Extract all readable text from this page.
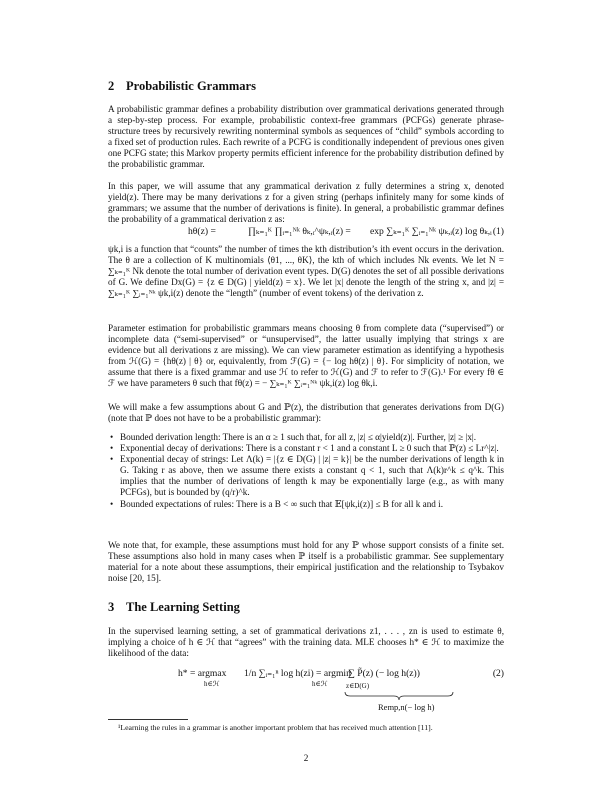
2 Probabilistic Grammars

A probabilistic grammar defines a probability distribution over grammatical derivations generated through a step-by-step process. For example, probabilistic context-free grammars (PCFGs) generate phrase-structure trees by recursively rewriting nonterminal symbols as sequences of “child” symbols according to a fixed set of production rules. Each rewrite of a PCFG is conditionally independent of previous ones given one PCFG state; this Markov property permits efficient inference for the probability distribution defined by the probabilistic grammar.

In this paper, we will assume that any grammatical derivation z fully determines a string x, denoted yield(z). There may be many derivations z for a given string (perhaps infinitely many for some kinds of grammars; we assume that the number of derivations is finite). In general, a probabilistic grammar defines the probability of a grammatical derivation z as:

hθ(z) =	∏ₖ₌₁ᴷ ∏ᵢ₌₁ᴺᵏ θₖ,ᵢ^ψₖ,ᵢ(z) = exp ∑ₖ₌₁ᴷ ∑ᵢ₌₁ᴺᵏ ψₖ,ᵢ(z) log θₖ,ᵢ (1)

ψk,i is a function that “counts” the number of times the kth distribution’s ith event occurs in the derivation. The θ are a collection of K multinomials ⟨θ1, ..., θK⟩, the kth of which includes Nk events. We let N = ∑ₖ₌₁ᴷ Nk denote the total number of derivation event types. D(G) denotes the set of all possible derivations of G. We define Dx(G) = {z ∈ D(G) | yield(z) = x}. We let |x| denote the length of the string x, and |z| = ∑ₖ₌₁ᴷ ∑ᵢ₌₁ᴺᵏ ψk,i(z) denote the “length” (number of event tokens) of the derivation z.

Parameter estimation for probabilistic grammars means choosing θ from complete data (“supervised”) or incomplete data (“semi-supervised” or “unsupervised”, the latter usually implying that strings x are evidence but all derivations z are missing). We can view parameter estimation as identifying a hypothesis from ℋ(G) = {hθ(z) | θ} or, equivalently, from ℱ(G) = {− log hθ(z) | θ}. For simplicity of notation, we assume that there is a fixed grammar and use ℋ to refer to ℋ(G) and ℱ to refer to ℱ(G).¹ For every fθ ∈ ℱ we have parameters θ such that fθ(z) = − ∑ₖ₌₁ᴷ ∑ᵢ₌₁ᴺᵏ ψk,i(z) log θk,i.

We will make a few assumptions about G and ℙ(z), the distribution that generates derivations from D(G) (note that ℙ does not have to be a probabilistic grammar):

• Bounded derivation length: There is an α ≥ 1 such that, for all z, |z| ≤ α|yield(z)|. Further, |z| ≥ |x|.
• Exponential decay of derivations: There is a constant r < 1 and a constant L ≥ 0 such that ℙ(z) ≤ Lr^|z|.
• Exponential decay of strings: Let Λ(k) = |{z ∈ D(G) | |z| = k}| be the number derivations of length k in G. Taking r as above, then we assume there exists a constant q < 1, such that Λ(k)r^k ≤ q^k. This implies that the number of derivations of length k may be exponentially large (e.g., as with many PCFGs), but is bounded by (q/r)^k.
• Bounded expectations of rules: There is a B < ∞ such that 𝔼[ψk,i(z)] ≤ B for all k and i.

We note that, for example, these assumptions must hold for any ℙ whose support consists of a finite set. These assumptions also hold in many cases when ℙ itself is a probabilistic grammar. See supplementary material for a note about these assumptions, their empirical justification and the relationship to Tsybakov noise [20, 15].

3 The Learning Setting

In the supervised learning setting, a set of grammatical derivations z1, . . . , zn is used to estimate θ, implying a choice of h ∈ ℋ that “agrees” with the training data. MLE chooses h* ∈ ℋ to maximize the likelihood of the data:

h* = argmax
h∈ℋ
1/n ∑ᵢ₌₁ⁿ log h(zi) = argmin
h∈ℋ
∑ P̃(z) (− log h(z))
z∈D(G)
Remp,n(− log h)
(2)
¹Learning the rules in a grammar is another important problem that has received much attention [11].
2
